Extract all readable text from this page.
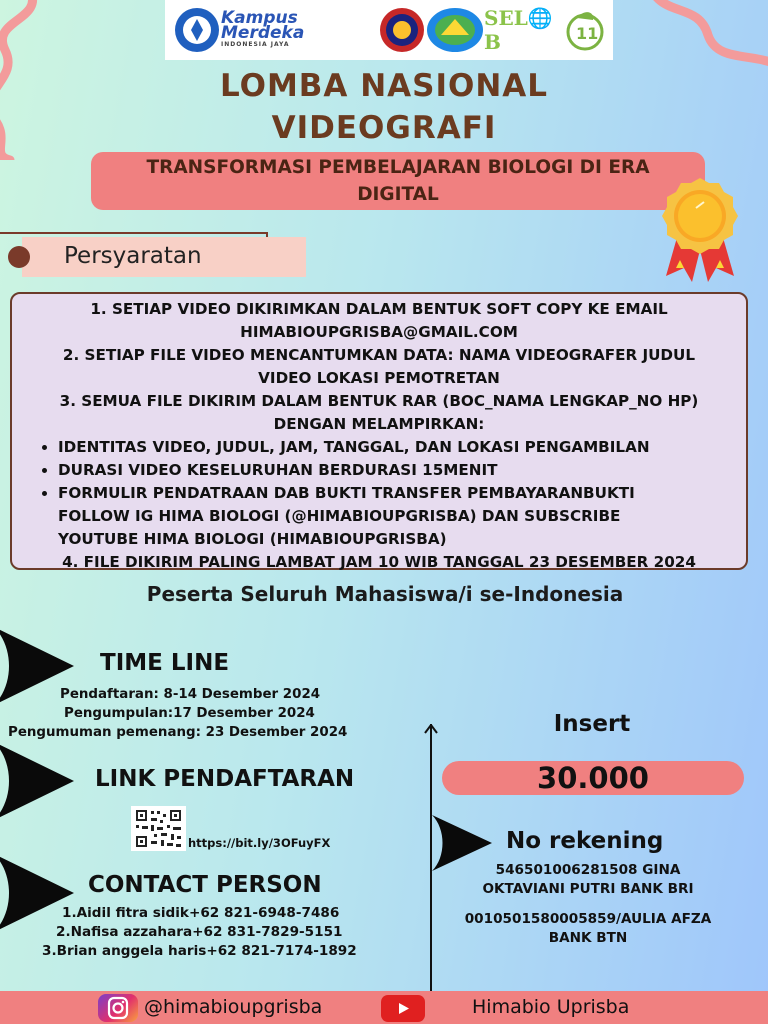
Kampus Merdeka
INDONESIA JAYA
SEL🌐B	11
LOMBA NASIONAL
VIDEOGRAFI
TRANSFORMASI PEMBELAJARAN BIOLOGI DI ERA
DIGITAL
Persyaratan
1. SETIAP VIDEO DIKIRIMKAN DALAM BENTUK SOFT COPY KE EMAIL
HIMABIOUPGRISBA@GMAIL.COM
2. SETIAP FILE VIDEO MENCANTUMKAN DATA: NAMA VIDEOGRAFER JUDUL
VIDEO LOKASI PEMOTRETAN
3. SEMUA FILE DIKIRIM DALAM BENTUK RAR (BOC_NAMA LENGKAP_NO HP)
DENGAN MELAMPIRKAN:
• IDENTITAS VIDEO, JUDUL, JAM, TANGGAL, DAN LOKASI PENGAMBILAN
• DURASI VIDEO KESELURUHAN BERDURASI 15MENIT
• FORMULIR PENDATRAAN DAB BUKTI TRANSFER PEMBAYARANBUKTI FOLLOW IG HIMA BIOLOGI (@HIMABIOUPGRISBA) DAN SUBSCRIBE YOUTUBE HIMA BIOLOGI (HIMABIOUPGRISBA)
4. FILE DIKIRIM PALING LAMBAT JAM 10 WIB TANGGAL 23 DESEMBER 2024
Peserta Seluruh Mahasiswa/i se-Indonesia
TIME LINE
Pendaftaran: 8-14 Desember 2024
Pengumpulan:17 Desember 2024
Pengumuman pemenang: 23 Desember 2024
LINK PENDAFTARAN
https://bit.ly/3OFuyFX
CONTACT PERSON
1.Aidil fitra sidik+62 821-6948-7486
2.Nafisa azzahara+62 831-7829-5151
3.Brian anggela haris+62 821-7174-1892
Insert
30.000
No rekening
546501006281508 GINA
OKTAVIANI PUTRI BANK BRI
0010501580005859/AULIA AFZA
BANK BTN
@himabioupgrisba	Himabio Uprisba
